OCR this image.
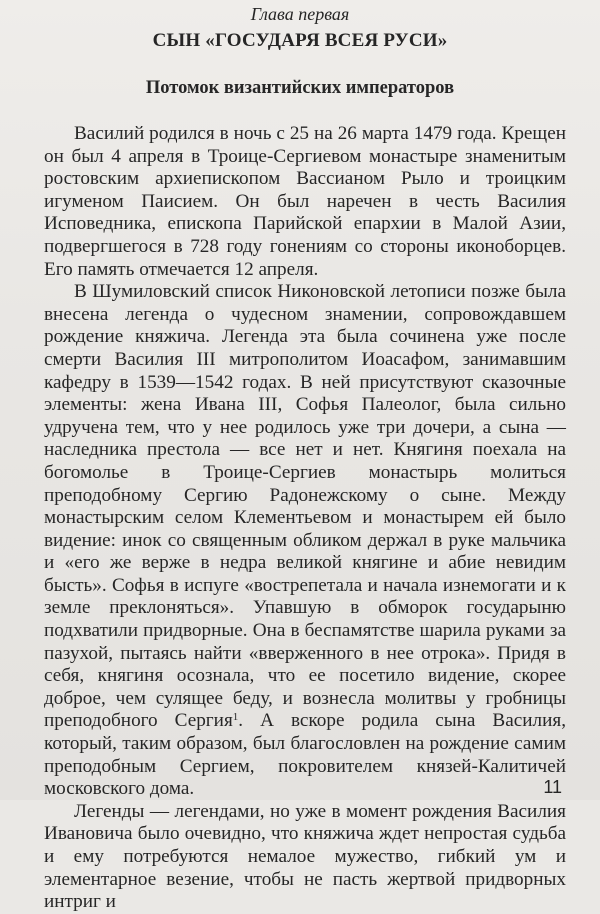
Глава первая
СЫН «ГОСУДАРЯ ВСЕЯ РУСИ»
Потомок византийских императоров

Василий родился в ночь с 25 на 26 марта 1479 года. Крещен он был 4 апреля в Троице-Сергиевом монастыре знаменитым ростовским архиепископом Вассианом Рыло и троицким игуменом Паисием. Он был наречен в честь Василия Исповедника, епископа Парийской епархии в Малой Азии, подвергшегося в 728 году гонениям со стороны иконоборцев. Его память отмечается 12 апреля.

В Шумиловский список Никоновской летописи позже была внесена легенда о чудесном знамении, сопровождавшем рождение княжича. Легенда эта была сочинена уже после смерти Василия III митрополитом Иоасафом, занимавшим кафедру в 1539—1542 годах. В ней присутствуют сказочные элементы: жена Ивана III, Софья Палеолог, была сильно удручена тем, что у нее родилось уже три дочери, а сына — наследника престола — все нет и нет. Княгиня поехала на богомолье в Троице-Сергиев монастырь молиться преподобному Сергию Радонежскому о сыне. Между монастырским селом Клементьевом и монастырем ей было видение: инок со священным обликом держал в руке мальчика и «его же верже в недра великой княгине и абие невидим бысть». Софья в испуге «вострепетала и начала изнемогати и к земле преклоняться». Упавшую в обморок государыню подхватили придворные. Она в беспамятстве шарила руками за пазухой, пытаясь найти «вверженного в нее отрока». Придя в себя, княгиня осознала, что ее посетило видение, скорее доброе, чем сулящее беду, и вознесла молитвы у гробницы преподобного Сергия$^1$. А вскоре родила сына Василия, который, таким образом, был благословлен на рождение самим преподобным Сергием, покровителем князей-Калитичей московского дома.

Легенды — легендами, но уже в момент рождения Василия Ивановича было очевидно, что княжича ждет непростая судьба и ему потребуются немалое мужество, гибкий ум и элементарное везение, чтобы не пасть жертвой придворных интриг и

11
